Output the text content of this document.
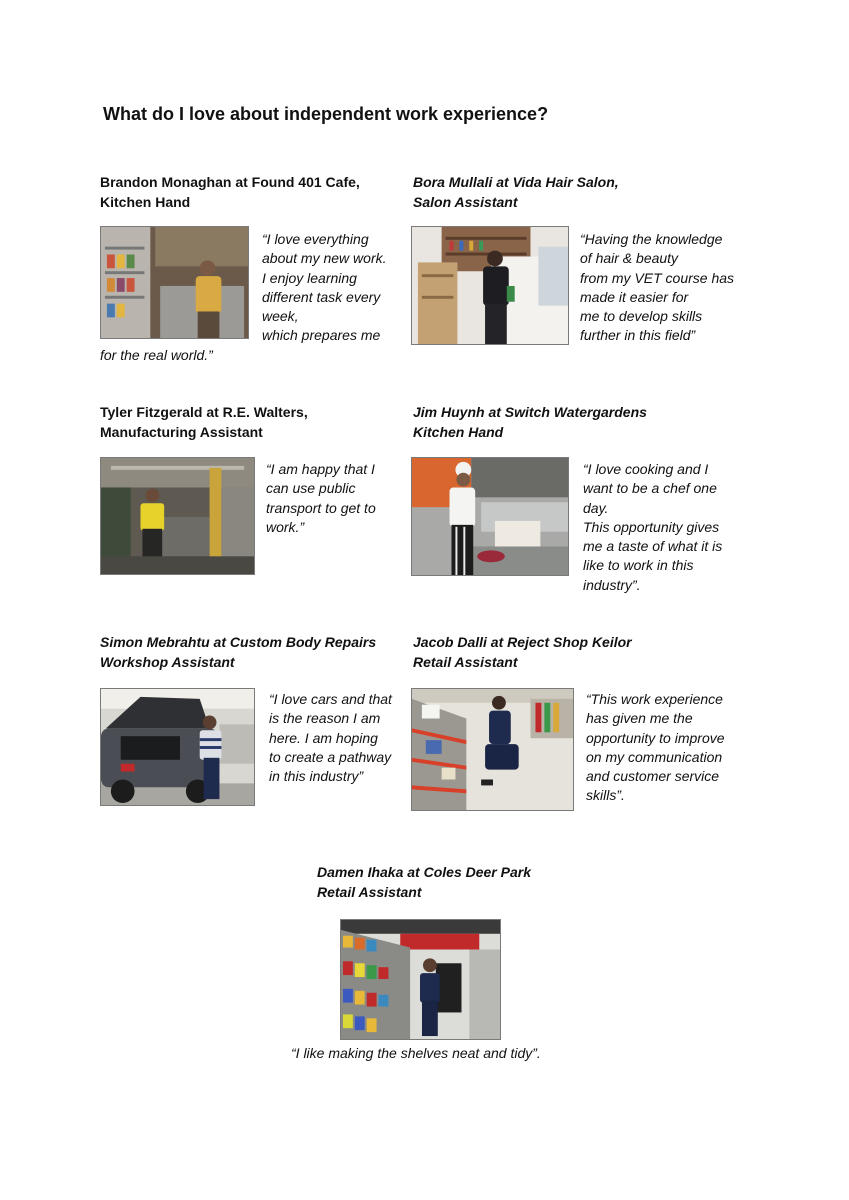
What do I love about independent work experience?
Brandon Monaghan at Found 401 Cafe,
Kitchen Hand
“I love everything
about my new work.
I enjoy learning
different task every
week,
which prepares me
for the real world.”
Bora Mullali at Vida Hair Salon,
Salon Assistant
“Having the knowledge
of hair & beauty
from my VET course has
made it easier for
me to develop skills
further in this field”
Tyler Fitzgerald at R.E. Walters,
Manufacturing Assistant
“I am happy that I
can use public
transport to get to
work.”
Jim Huynh at Switch Watergardens
Kitchen Hand
“I love cooking and I
want to be a chef one
day.
This opportunity gives
me a taste of what it is
like to work in this
industry”.
Simon Mebrahtu at Custom Body Repairs
Workshop Assistant
“I love cars and that
is the reason I am
here. I am hoping
to create a pathway
in this industry”
Jacob Dalli at Reject Shop Keilor
Retail Assistant
“This work experience
has given me the
opportunity to improve
on my communication
and customer service
skills”.
Damen Ihaka at Coles Deer Park
Retail Assistant
“I like making the shelves neat and tidy”.
